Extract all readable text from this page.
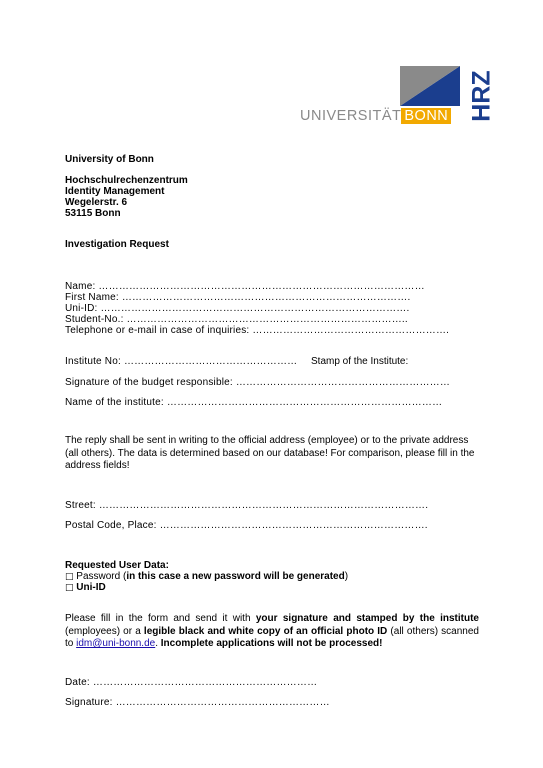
UNIVERSITÄT BONN HRZ
University of Bonn
Hochschulrechenzentrum
Identity Management
Wegelerstr. 6
53115 Bonn
Investigation Request
Name: ……………………………………………………………………………………
First Name: ………………………………………………………………………….
Uni-ID: ……………………………………………………………………………….
Student-No.: ………………………………………………………………………..
Telephone or e-mail in case of inquiries: ………………………………………………….
Institute No: …………………………………………… Stamp of the Institute:
Signature of the budget responsible: ………………………………………………………
Name of the institute: ………………………………………………………………………
The reply shall be sent in writing to the official address (employee) or to the private address (all others). The data is determined based on our database! For comparison, please fill in the address fields!
Street: …………………………………………………………………………………….
Postal Code, Place: …………………………………………………………………….
Requested User Data:
□ Password (in this case a new password will be generated)
□ Uni-ID
Please fill in the form and send it with your signature and stamped by the institute (employees) or a legible black and white copy of an official photo ID (all others) scanned to idm@uni-bonn.de. Incomplete applications will not be processed!
Date: …………………………………………………………
Signature: ………………………………………………………
